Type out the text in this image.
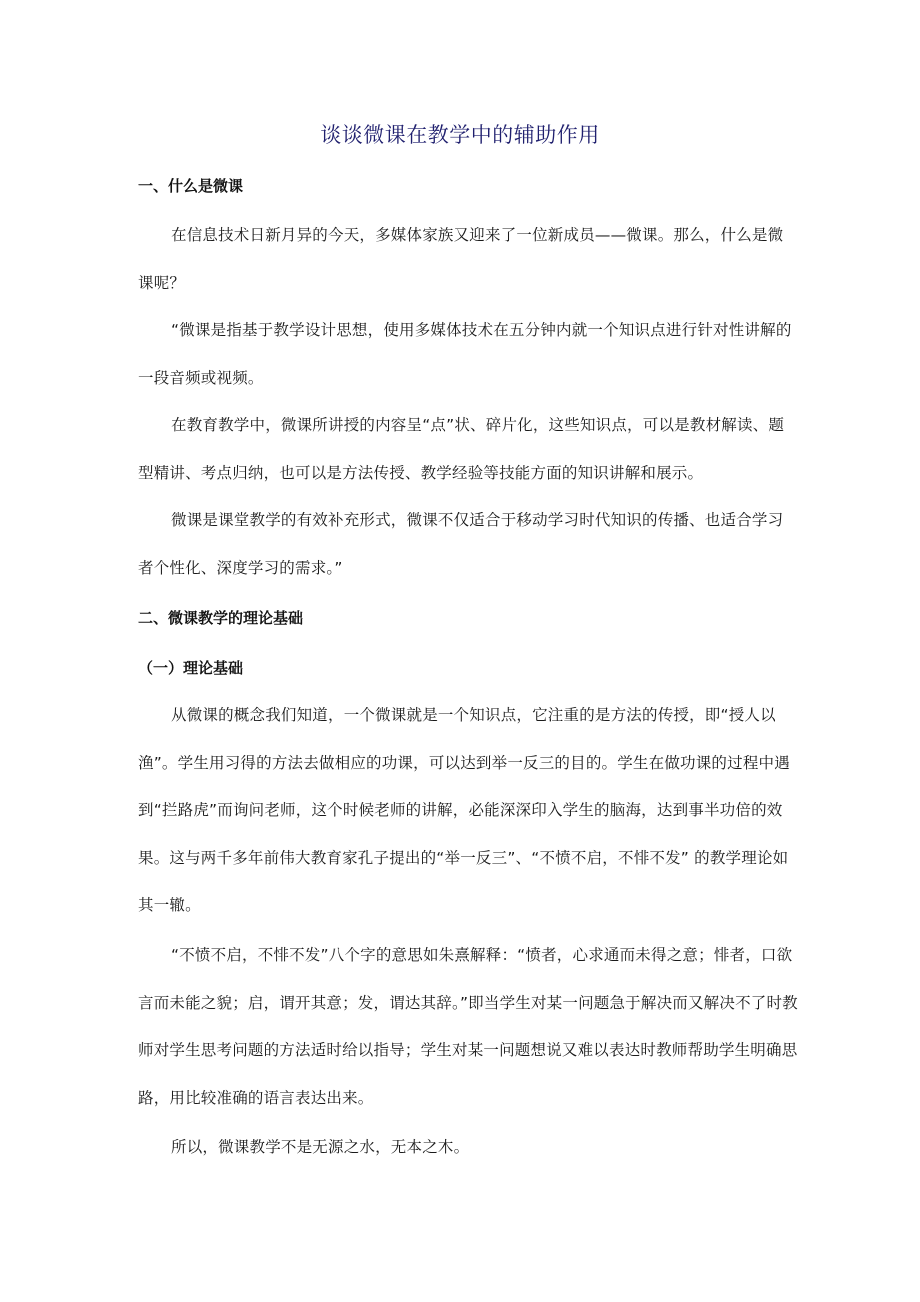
谈谈微课在教学中的辅助作用
一、什么是微课

在信息技术日新月异的今天，多媒体家族又迎来了一位新成员——微课。那么，什么是微课呢？

“微课是指基于教学设计思想，使用多媒体技术在五分钟内就一个知识点进行针对性讲解的一段音频或视频。

在教育教学中，微课所讲授的内容呈“点”状、碎片化，这些知识点，可以是教材解读、题型精讲、考点归纳，也可以是方法传授、教学经验等技能方面的知识讲解和展示。

微课是课堂教学的有效补充形式，微课不仅适合于移动学习时代知识的传播、也适合学习者个性化、深度学习的需求。”

二、微课教学的理论基础
（一）理论基础

从微课的概念我们知道，一个微课就是一个知识点，它注重的是方法的传授，即“授人以渔”。学生用习得的方法去做相应的功课，可以达到举一反三的目的。学生在做功课的过程中遇到“拦路虎”而询问老师，这个时候老师的讲解，必能深深印入学生的脑海，达到事半功倍的效果。这与两千多年前伟大教育家孔子提出的“举一反三”、“不愤不启，不悱不发” 的教学理论如其一辙。

“不愤不启，不悱不发”八个字的意思如朱熹解释：“愤者，心求通而未得之意；悱者，口欲言而未能之貌；启，谓开其意；发，谓达其辞。”即当学生对某一问题急于解决而又解决不了时教师对学生思考问题的方法适时给以指导；学生对某一问题想说又难以表达时教师帮助学生明确思路，用比较准确的语言表达出来。

所以，微课教学不是无源之水，无本之木。
